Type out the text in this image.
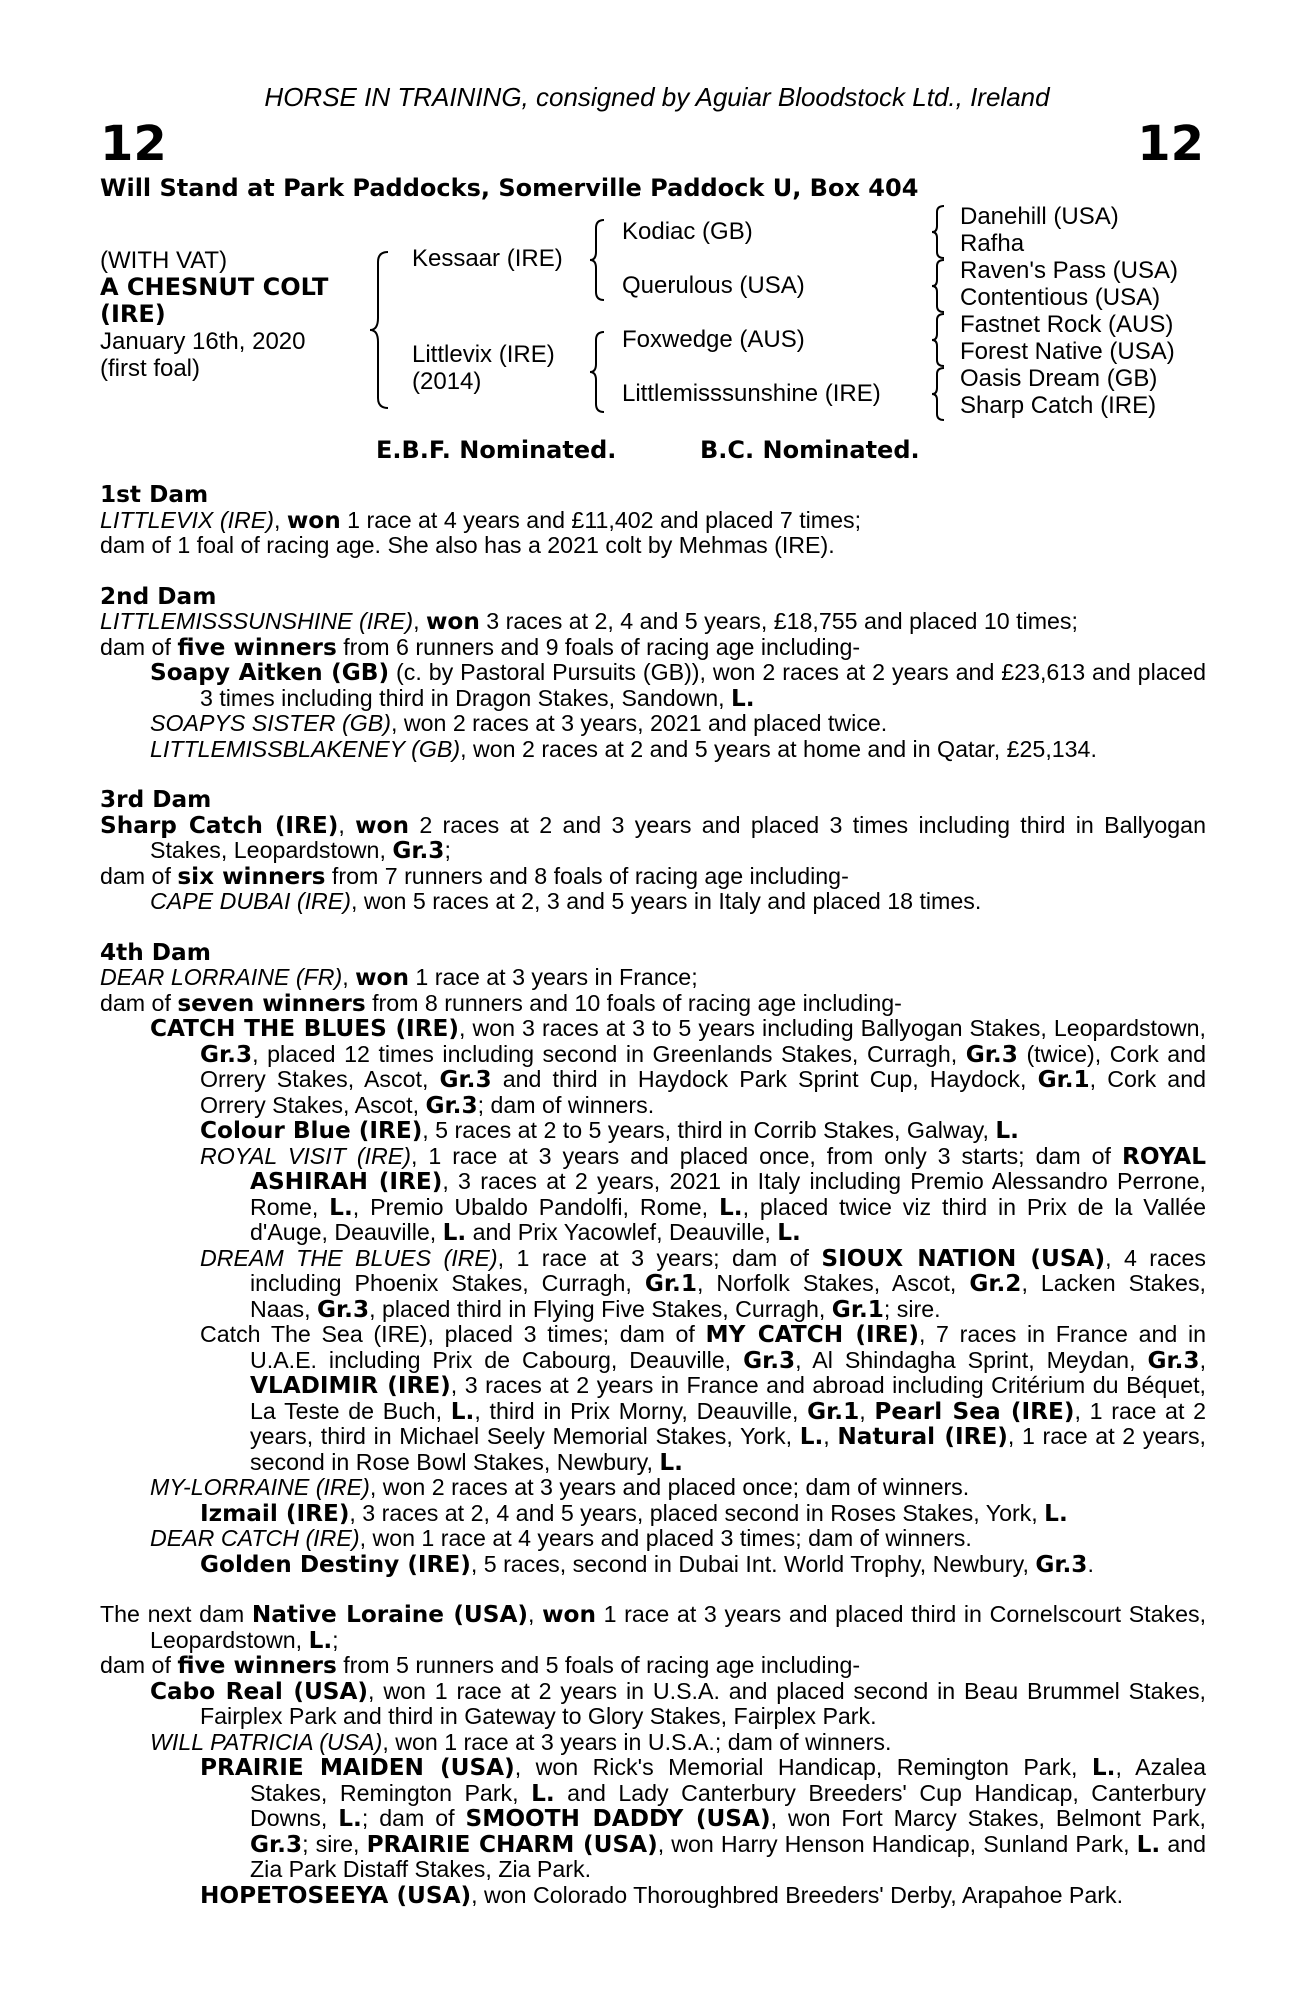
HORSE IN TRAINING, consigned by Aguiar Bloodstock Ltd., Ireland
12	12
Will Stand at Park Paddocks, Somerville Paddock U, Box 404
(WITH VAT)
A CHESNUT COLT
(IRE)
January 16th, 2020
(first foal)
Kessaar (IRE)
Littlevix (IRE)
(2014)
Kodiac (GB)
Querulous (USA)
Foxwedge (AUS)
Littlemisssunshine (IRE)
Danehill (USA)
Rafha
Raven's Pass (USA)
Contentious (USA)
Fastnet Rock (AUS)
Forest Native (USA)
Oasis Dream (GB)
Sharp Catch (IRE)
E.B.F. Nominated.	B.C. Nominated.
1st Dam
LITTLEVIX (IRE), won 1 race at 4 years and £11,402 and placed 7 times;
dam of 1 foal of racing age. She also has a 2021 colt by Mehmas (IRE).
2nd Dam
LITTLEMISSSUNSHINE (IRE), won 3 races at 2, 4 and 5 years, £18,755 and placed 10 times;
dam of five winners from 6 runners and 9 foals of racing age including-
Soapy Aitken (GB) (c. by Pastoral Pursuits (GB)), won 2 races at 2 years and £23,613 and placed 3 times including third in Dragon Stakes, Sandown, L.
SOAPYS SISTER (GB), won 2 races at 3 years, 2021 and placed twice.
LITTLEMISSBLAKENEY (GB), won 2 races at 2 and 5 years at home and in Qatar, £25,134.
3rd Dam
Sharp Catch (IRE), won 2 races at 2 and 3 years and placed 3 times including third in Ballyogan Stakes, Leopardstown, Gr.3;
dam of six winners from 7 runners and 8 foals of racing age including-
CAPE DUBAI (IRE), won 5 races at 2, 3 and 5 years in Italy and placed 18 times.
4th Dam
DEAR LORRAINE (FR), won 1 race at 3 years in France;
dam of seven winners from 8 runners and 10 foals of racing age including-
CATCH THE BLUES (IRE), won 3 races at 3 to 5 years including Ballyogan Stakes, Leopardstown, Gr.3, placed 12 times including second in Greenlands Stakes, Curragh, Gr.3 (twice), Cork and Orrery Stakes, Ascot, Gr.3 and third in Haydock Park Sprint Cup, Haydock, Gr.1, Cork and Orrery Stakes, Ascot, Gr.3; dam of winners.
Colour Blue (IRE), 5 races at 2 to 5 years, third in Corrib Stakes, Galway, L.
ROYAL VISIT (IRE), 1 race at 3 years and placed once, from only 3 starts; dam of ROYAL ASHIRAH (IRE), 3 races at 2 years, 2021 in Italy including Premio Alessandro Perrone, Rome, L., Premio Ubaldo Pandolfi, Rome, L., placed twice viz third in Prix de la Vallée d'Auge, Deauville, L. and Prix Yacowlef, Deauville, L.
DREAM THE BLUES (IRE), 1 race at 3 years; dam of SIOUX NATION (USA), 4 races including Phoenix Stakes, Curragh, Gr.1, Norfolk Stakes, Ascot, Gr.2, Lacken Stakes, Naas, Gr.3, placed third in Flying Five Stakes, Curragh, Gr.1; sire.
Catch The Sea (IRE), placed 3 times; dam of MY CATCH (IRE), 7 races in France and in U.A.E. including Prix de Cabourg, Deauville, Gr.3, Al Shindagha Sprint, Meydan, Gr.3, VLADIMIR (IRE), 3 races at 2 years in France and abroad including Critérium du Béquet, La Teste de Buch, L., third in Prix Morny, Deauville, Gr.1, Pearl Sea (IRE), 1 race at 2 years, third in Michael Seely Memorial Stakes, York, L., Natural (IRE), 1 race at 2 years, second in Rose Bowl Stakes, Newbury, L.
MY-LORRAINE (IRE), won 2 races at 3 years and placed once; dam of winners.
Izmail (IRE), 3 races at 2, 4 and 5 years, placed second in Roses Stakes, York, L.
DEAR CATCH (IRE), won 1 race at 4 years and placed 3 times; dam of winners.
Golden Destiny (IRE), 5 races, second in Dubai Int. World Trophy, Newbury, Gr.3.
The next dam Native Loraine (USA), won 1 race at 3 years and placed third in Cornelscourt Stakes, Leopardstown, L.;
dam of five winners from 5 runners and 5 foals of racing age including-
Cabo Real (USA), won 1 race at 2 years in U.S.A. and placed second in Beau Brummel Stakes, Fairplex Park and third in Gateway to Glory Stakes, Fairplex Park.
WILL PATRICIA (USA), won 1 race at 3 years in U.S.A.; dam of winners.
PRAIRIE MAIDEN (USA), won Rick's Memorial Handicap, Remington Park, L., Azalea Stakes, Remington Park, L. and Lady Canterbury Breeders' Cup Handicap, Canterbury Downs, L.; dam of SMOOTH DADDY (USA), won Fort Marcy Stakes, Belmont Park, Gr.3; sire, PRAIRIE CHARM (USA), won Harry Henson Handicap, Sunland Park, L. and Zia Park Distaff Stakes, Zia Park.
HOPETOSEEYA (USA), won Colorado Thoroughbred Breeders' Derby, Arapahoe Park.
